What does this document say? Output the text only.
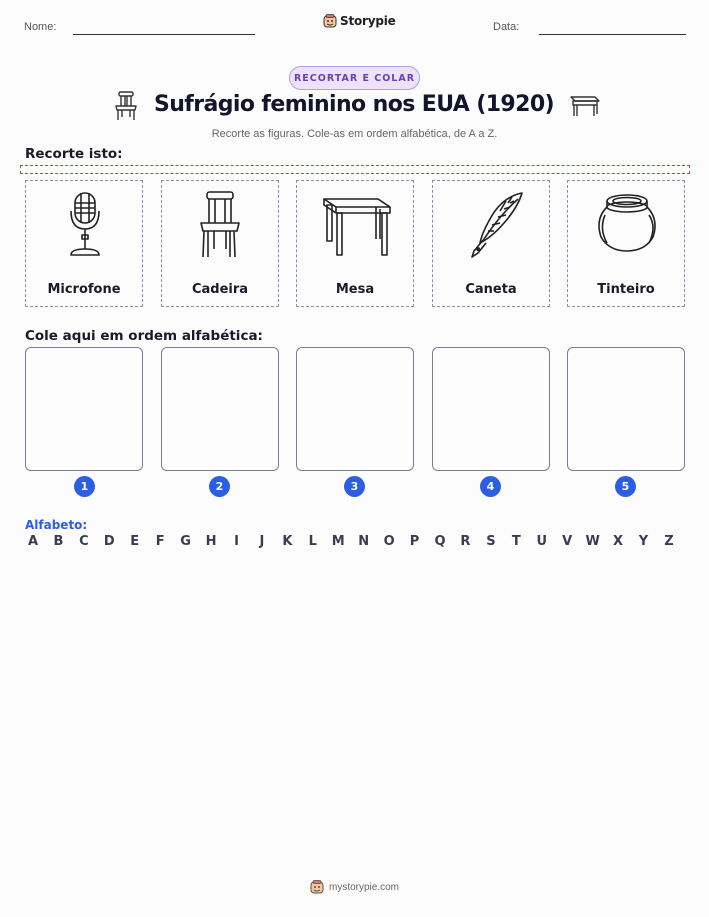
Nome:	Storypie	Data:
RECORTAR E COLAR
Sufrágio feminino nos EUA (1920)
Recorte as figuras. Cole-as em ordem alfabética, de A a Z.
Recorte isto:
Microfone	Cadeira	Mesa	Caneta	Tinteiro
Cole aqui em ordem alfabética:
1	2	3	4	5
Alfabeto:
A B C D E F G H	I	J	K L M N O P Q R S T U V W X Y Z
mystorypie.com
